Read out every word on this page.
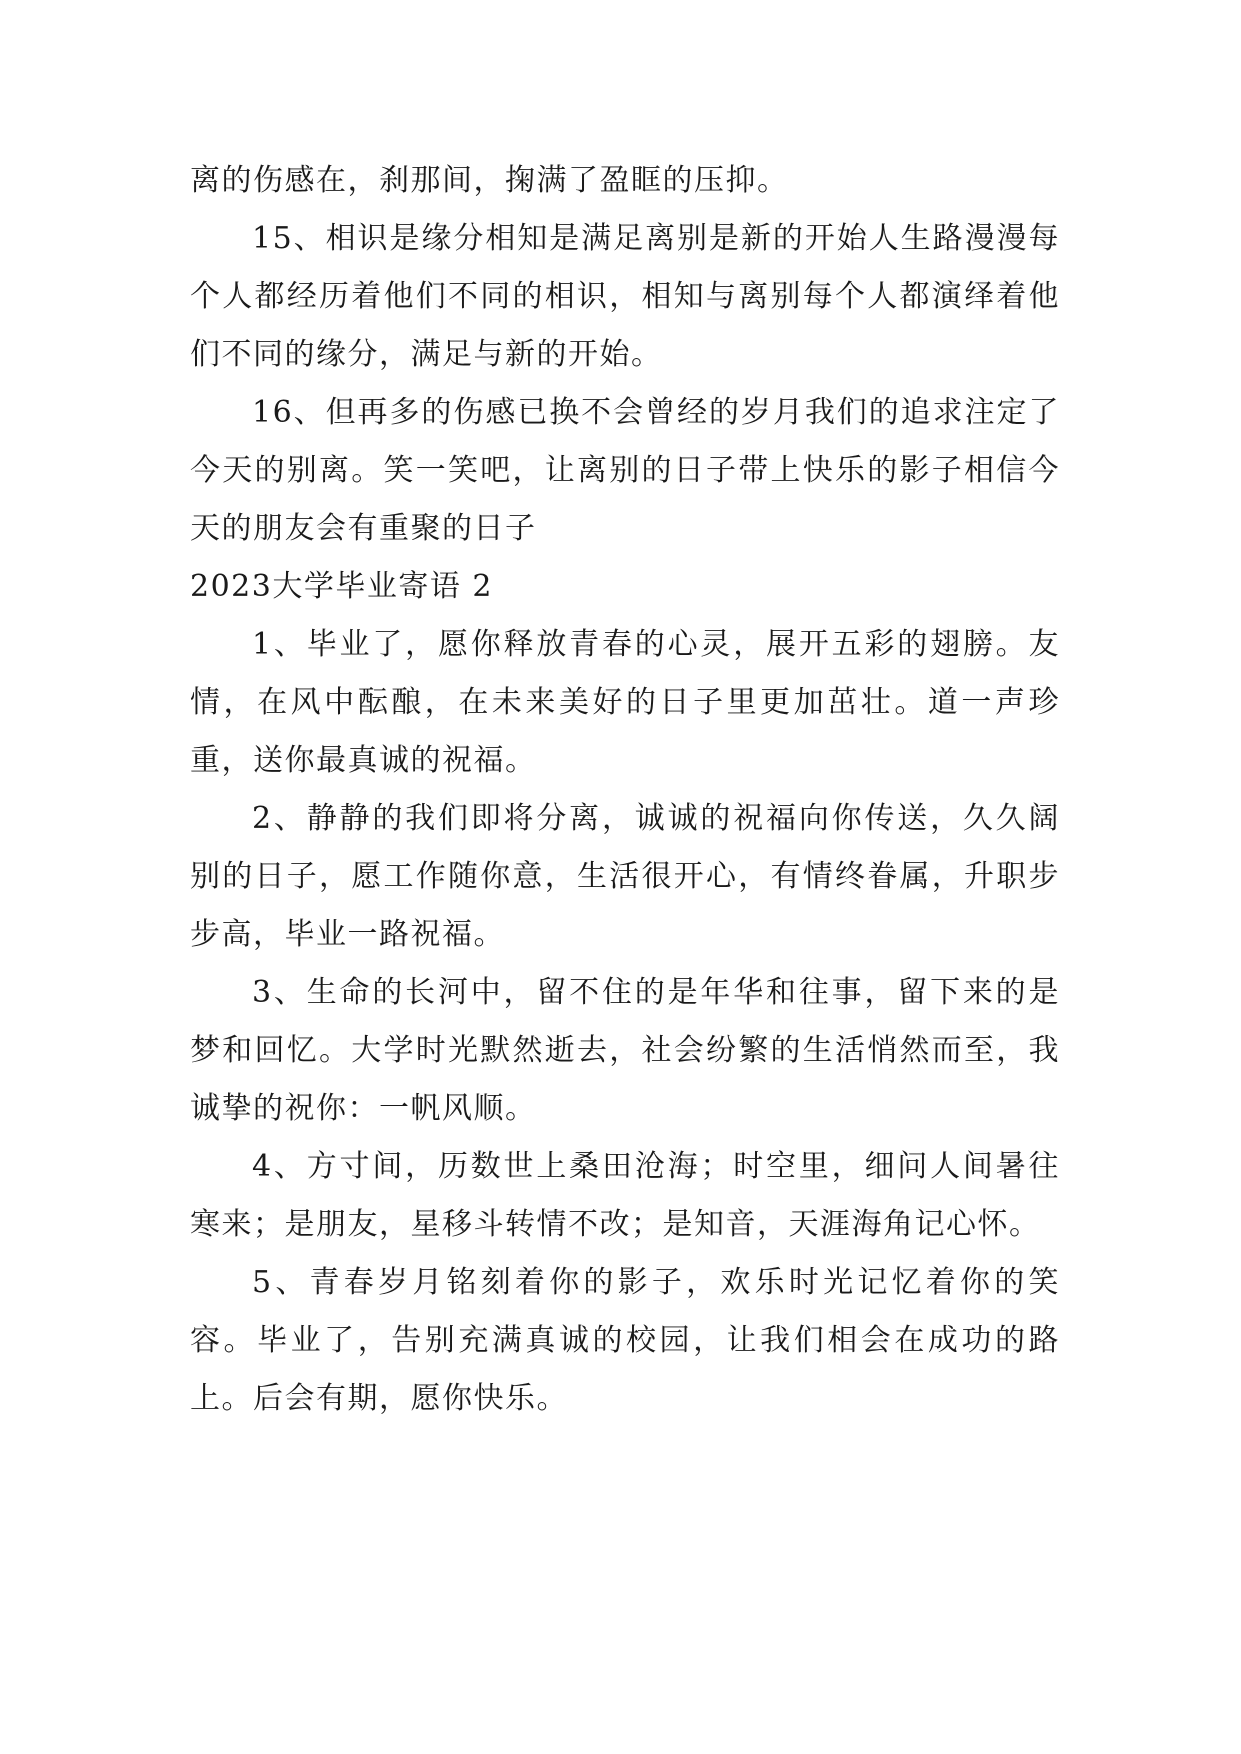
离的伤感在，刹那间，掬满了盈眶的压抑。

15、相识是缘分相知是满足离别是新的开始人生路漫漫每个人都经历着他们不同的相识，相知与离别每个人都演绎着他们不同的缘分，满足与新的开始。

16、但再多的伤感已换不会曾经的岁月我们的追求注定了今天的别离。笑一笑吧，让离别的日子带上快乐的影子相信今天的朋友会有重聚的日子

2023大学毕业寄语 2

1、毕业了，愿你释放青春的心灵，展开五彩的翅膀。友情，在风中酝酿，在未来美好的日子里更加茁壮。道一声珍重，送你最真诚的祝福。

2、静静的我们即将分离，诚诚的祝福向你传送，久久阔别的日子，愿工作随你意，生活很开心，有情终眷属，升职步步高，毕业一路祝福。

3、生命的长河中，留不住的是年华和往事，留下来的是梦和回忆。大学时光默然逝去，社会纷繁的生活悄然而至，我诚挚的祝你：一帆风顺。

4、方寸间，历数世上桑田沧海；时空里，细问人间暑往寒来；是朋友，星移斗转情不改；是知音，天涯海角记心怀。

5、青春岁月铭刻着你的影子，欢乐时光记忆着你的笑容。毕业了，告别充满真诚的校园，让我们相会在成功的路上。后会有期，愿你快乐。
